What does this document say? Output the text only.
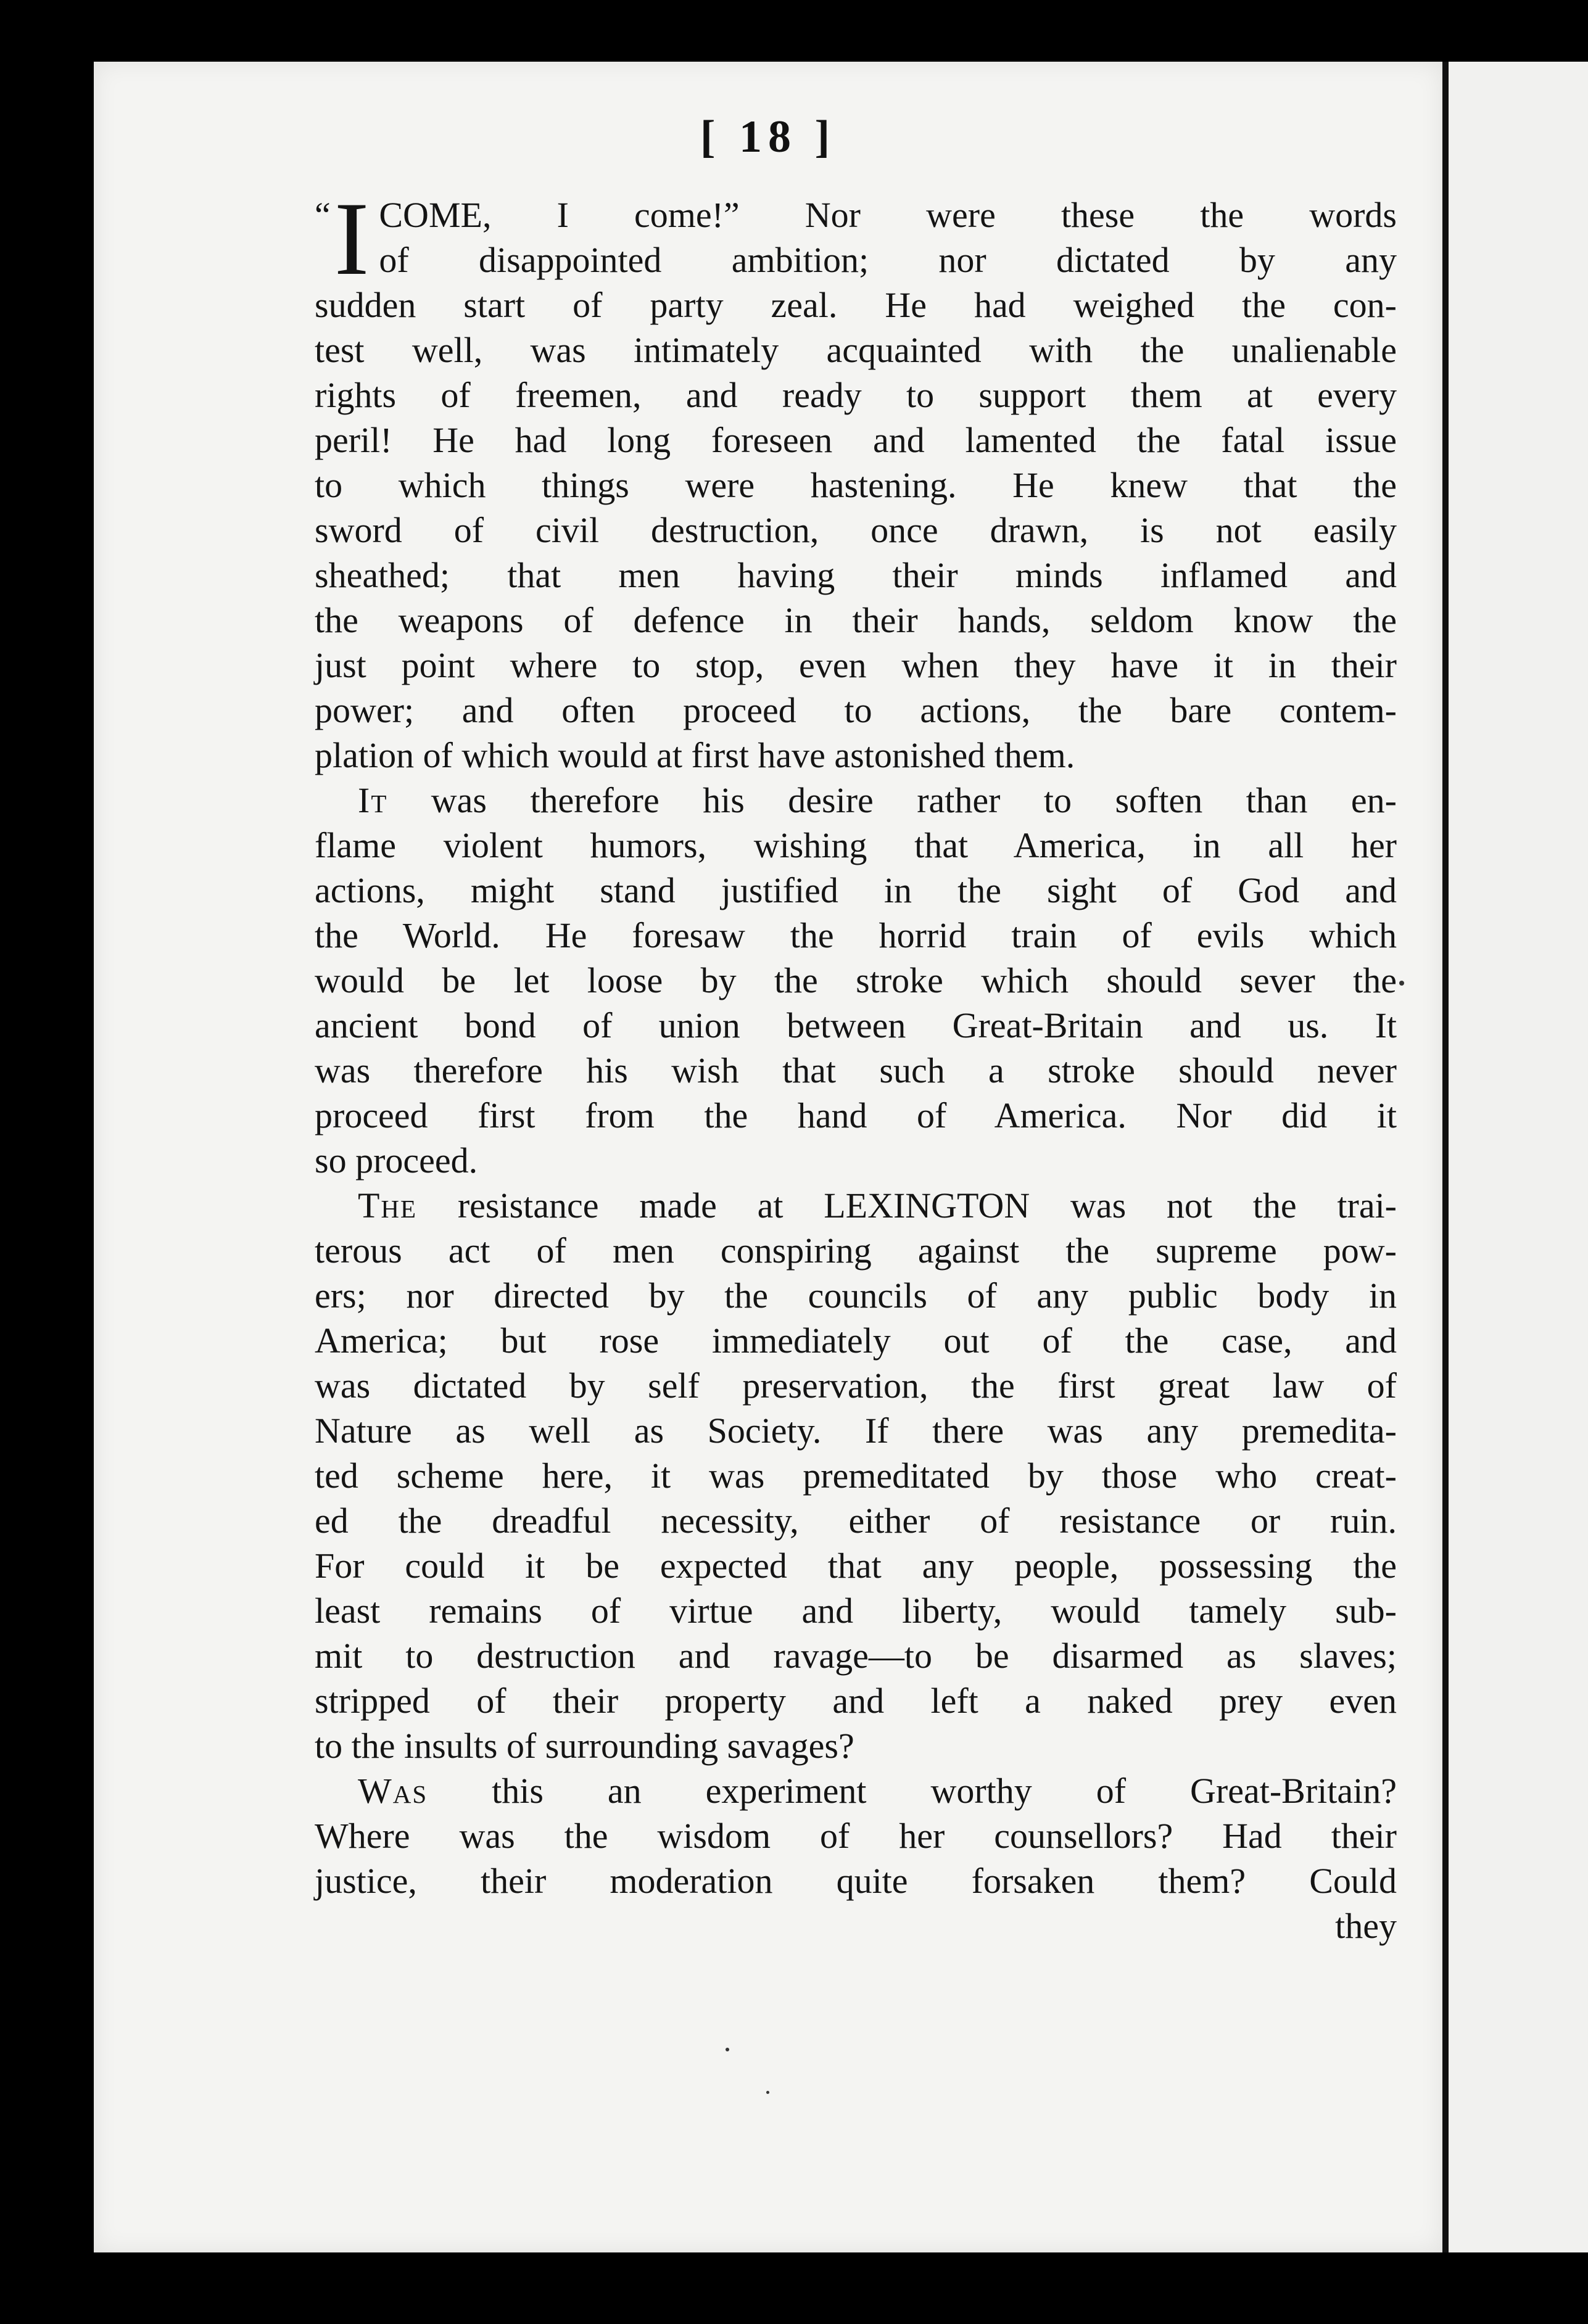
[ 18 ]
“ I COME, I come!” Nor were these the words
of disappointed ambition; nor dictated by any
sudden start of party zeal. He had weighed the con-
test well, was intimately acquainted with the unalienable
rights of freemen, and ready to support them at every
peril! He had long foreseen and lamented the fatal issue
to which things were hastening. He knew that the
sword of civil destruction, once drawn, is not easily
sheathed; that men having their minds inflamed and
the weapons of defence in their hands, seldom know the
just point where to stop, even when they have it in their
power; and often proceed to actions, the bare contem-
plation of which would at first have astonished them.
It was therefore his desire rather to soften than en-
flame violent humors, wishing that America, in all her
actions, might stand justified in the sight of God and
the World. He foresaw the horrid train of evils which
would be let loose by the stroke which should sever the
ancient bond of union between Great-Britain and us. It
was therefore his wish that such a stroke should never
proceed first from the hand of America. Nor did it
so proceed.
The resistance made at LEXINGTON was not the trai-
terous act of men conspiring against the supreme pow-
ers; nor directed by the councils of any public body in
America; but rose immediately out of the case, and
was dictated by self preservation, the first great law of
Nature as well as Society. If there was any premedita-
ted scheme here, it was premeditated by those who creat-
ed the dreadful necessity, either of resistance or ruin.
For could it be expected that any people, possessing the
least remains of virtue and liberty, would tamely sub-
mit to destruction and ravage—to be disarmed as slaves;
stripped of their property and left a naked prey even
to the insults of surrounding savages?
Was this an experiment worthy of Great-Britain?
Where was the wisdom of her counsellors? Had their
justice, their moderation quite forsaken them? Could
they
